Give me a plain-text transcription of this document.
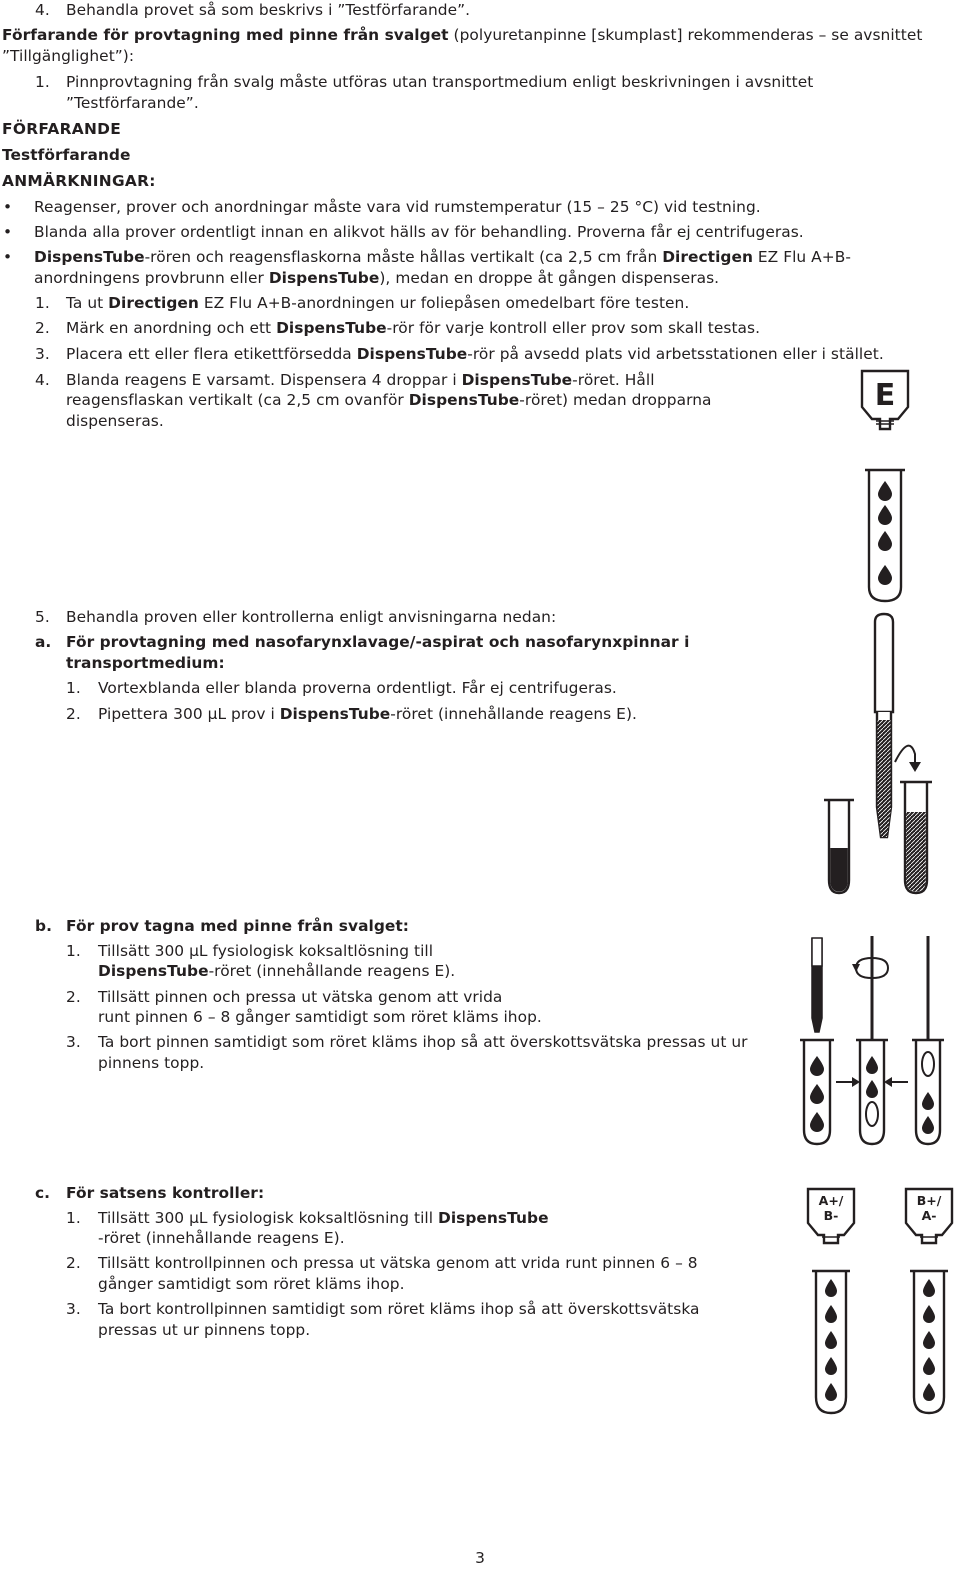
4. Behandla provet så som beskrivs i ”Testförfarande”.
Förfarande för provtagning med pinne från svalget (polyuretanpinne [skumplast] rekommenderas – se avsnittet
”Tillgänglighet”):
1. Pinnprovtagning från svalg måste utföras utan transportmedium enligt beskrivningen i avsnittet
”Testförfarande”.
FÖRFARANDE
Testförfarande
ANMÄRKNINGAR:
• Reagenser, prover och anordningar måste vara vid rumstemperatur (15 – 25 °C) vid testning.
• Blanda alla prover ordentligt innan en alikvot hälls av för behandling. Proverna får ej centrifugeras.
• DispensTube-rören och reagensflaskorna måste hållas vertikalt (ca 2,5 cm från Directigen EZ Flu A+B-
anordningens provbrunn eller DispensTube), medan en droppe åt gången dispenseras.
1. Ta ut Directigen EZ Flu A+B-anordningen ur foliepåsen omedelbart före testen.
2. Märk en anordning och ett DispensTube-rör för varje kontroll eller prov som skall testas.
3. Placera ett eller flera etikettförsedda DispensTube-rör på avsedd plats vid arbetsstationen eller i stället.
4. Blanda reagens E varsamt. Dispensera 4 droppar i DispensTube-röret. Håll
reagensflaskan vertikalt (ca 2,5 cm ovanför DispensTube-röret) medan dropparna
dispenseras.
E
5. Behandla proven eller kontrollerna enligt anvisningarna nedan:
a. För provtagning med nasofarynxlavage/-aspirat och nasofarynxpinnar i
transportmedium:
1. Vortexblanda eller blanda proverna ordentligt. Får ej centrifugeras.
2. Pipettera 300 µL prov i DispensTube-röret (innehållande reagens E).
b. För prov tagna med pinne från svalget:
1. Tillsätt 300 µL fysiologisk koksaltlösning till
DispensTube-röret (innehållande reagens E).
2. Tillsätt pinnen och pressa ut vätska genom att vrida
runt pinnen 6 – 8 gånger samtidigt som röret kläms ihop.
3. Ta bort pinnen samtidigt som röret kläms ihop så att överskottsvätska pressas ut ur
pinnens topp.
c. För satsens kontroller:
1. Tillsätt 300 µL fysiologisk koksaltlösning till DispensTube
-röret (innehållande reagens E).
2. Tillsätt kontrollpinnen och pressa ut vätska genom att vrida runt pinnen 6 – 8
gånger samtidigt som röret kläms ihop.
3. Ta bort kontrollpinnen samtidigt som röret kläms ihop så att överskottsvätska
pressas ut ur pinnens topp.
A+/
B-
B+/
A-
3
